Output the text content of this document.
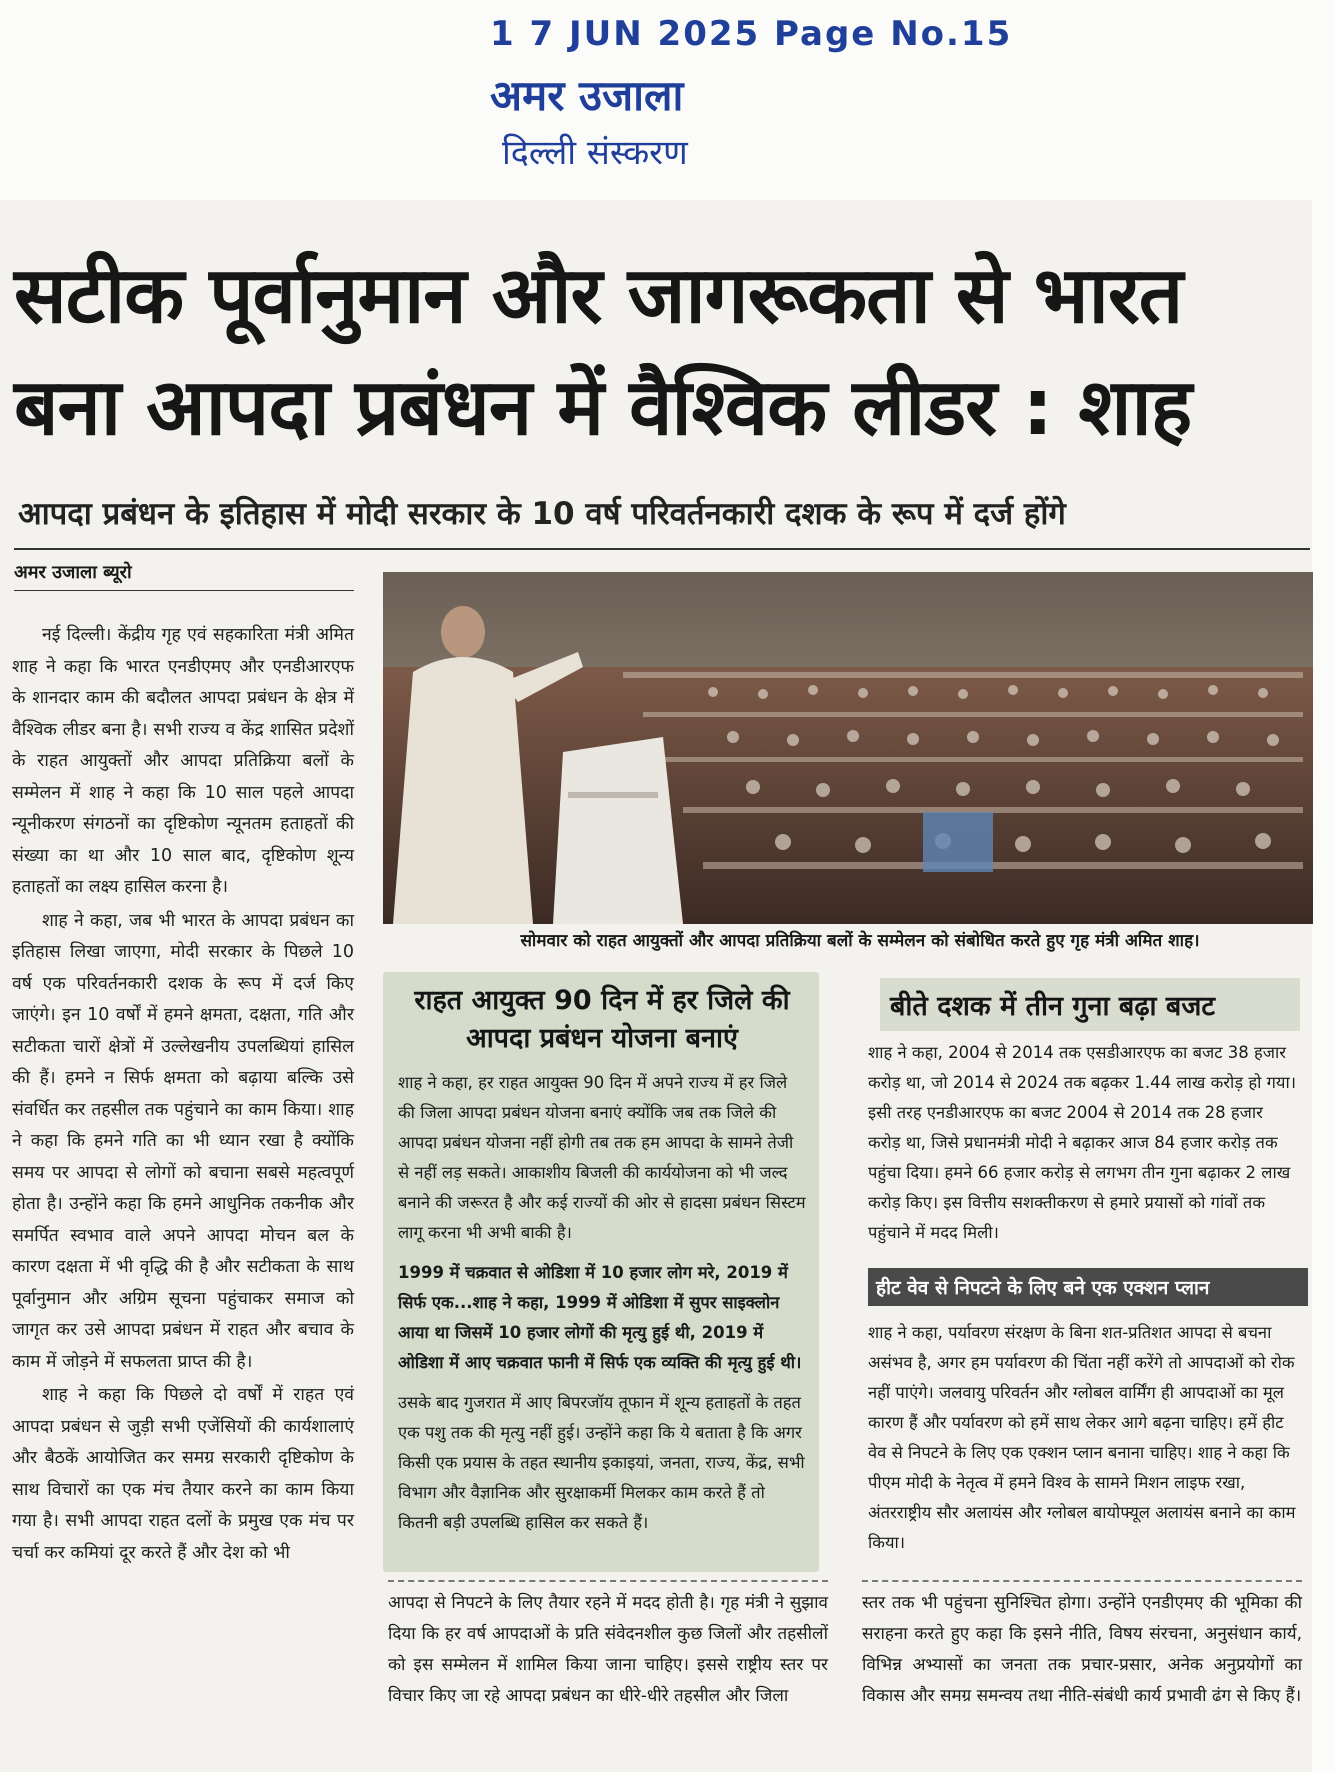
1 7 JUN 2025 Page No.15
अमर उजाला
दिल्ली संस्करण
सटीक पूर्वानुमान और जागरूकता से भारत बना आपदा प्रबंधन में वैश्विक लीडर : शाह
आपदा प्रबंधन के इतिहास में मोदी सरकार के 10 वर्ष परिवर्तनकारी दशक के रूप में दर्ज होंगे
अमर उजाला ब्यूरो

नई दिल्ली। केंद्रीय गृह एवं सहकारिता मंत्री अमित शाह ने कहा कि भारत एनडीएमए और एनडीआरएफ के शानदार काम की बदौलत आपदा प्रबंधन के क्षेत्र में वैश्विक लीडर बना है। सभी राज्य व केंद्र शासित प्रदेशों के राहत आयुक्तों और आपदा प्रतिक्रिया बलों के सम्मेलन में शाह ने कहा कि 10 साल पहले आपदा न्यूनीकरण संगठनों का दृष्टिकोण न्यूनतम हताहतों की संख्या का था और 10 साल बाद, दृष्टिकोण शून्य हताहतों का लक्ष्य हासिल करना है।

शाह ने कहा, जब भी भारत के आपदा प्रबंधन का इतिहास लिखा जाएगा, मोदी सरकार के पिछले 10 वर्ष एक परिवर्तनकारी दशक के रूप में दर्ज किए जाएंगे। इन 10 वर्षों में हमने क्षमता, दक्षता, गति और सटीकता चारों क्षेत्रों में उल्लेखनीय उपलब्धियां हासिल की हैं। हमने न सिर्फ क्षमता को बढ़ाया बल्कि उसे संवर्धित कर तहसील तक पहुंचाने का काम किया। शाह ने कहा कि हमने गति का भी ध्यान रखा है क्योंकि समय पर आपदा से लोगों को बचाना सबसे महत्वपूर्ण होता है। उन्होंने कहा कि हमने आधुनिक तकनीक और समर्पित स्वभाव वाले अपने आपदा मोचन बल के कारण दक्षता में भी वृद्धि की है और सटीकता के साथ पूर्वानुमान और अग्रिम सूचना पहुंचाकर समाज को जागृत कर उसे आपदा प्रबंधन में राहत और बचाव के काम में जोड़ने में सफलता प्राप्त की है।

शाह ने कहा कि पिछले दो वर्षों में राहत एवं आपदा प्रबंधन से जुड़ी सभी एजेंसियों की कार्यशालाएं और बैठकें आयोजित कर समग्र सरकारी दृष्टिकोण के साथ विचारों का एक मंच तैयार करने का काम किया गया है। सभी आपदा राहत दलों के प्रमुख एक मंच पर चर्चा कर कमियां दूर करते हैं और देश को भी

सोमवार को राहत आयुक्तों और आपदा प्रतिक्रिया बलों के सम्मेलन को संबोधित करते हुए गृह मंत्री अमित शाह।
राहत आयुक्त 90 दिन में हर जिले की आपदा प्रबंधन योजना बनाएं

शाह ने कहा, हर राहत आयुक्त 90 दिन में अपने राज्य में हर जिले की जिला आपदा प्रबंधन योजना बनाएं क्योंकि जब तक जिले की आपदा प्रबंधन योजना नहीं होगी तब तक हम आपदा के सामने तेजी से नहीं लड़ सकते। आकाशीय बिजली की कार्ययोजना को भी जल्द बनाने की जरूरत है और कई राज्यों की ओर से हादसा प्रबंधन सिस्टम लागू करना भी अभी बाकी है।

1999 में चक्रवात से ओडिशा में 10 हजार लोग मरे, 2019 में सिर्फ एक...शाह ने कहा, 1999 में ओडिशा में सुपर साइक्लोन आया था जिसमें 10 हजार लोगों की मृत्यु हुई थी, 2019 में ओडिशा में आए चक्रवात फानी में सिर्फ एक व्यक्ति की मृत्यु हुई थी।

उसके बाद गुजरात में आए बिपरजॉय तूफान में शून्य हताहतों के तहत एक पशु तक की मृत्यु नहीं हुई। उन्होंने कहा कि ये बताता है कि अगर किसी एक प्रयास के तहत स्थानीय इकाइयां, जनता, राज्य, केंद्र, सभी विभाग और वैज्ञानिक और सुरक्षाकर्मी मिलकर काम करते हैं तो कितनी बड़ी उपलब्धि हासिल कर सकते हैं।

बीते दशक में तीन गुना बढ़ा बजट
शाह ने कहा, 2004 से 2014 तक एसडीआरएफ का बजट 38 हजार करोड़ था, जो 2014 से 2024 तक बढ़कर 1.44 लाख करोड़ हो गया। इसी तरह एनडीआरएफ का बजट 2004 से 2014 तक 28 हजार करोड़ था, जिसे प्रधानमंत्री मोदी ने बढ़ाकर आज 84 हजार करोड़ तक पहुंचा दिया। हमने 66 हजार करोड़ से लगभग तीन गुना बढ़ाकर 2 लाख करोड़ किए। इस वित्तीय सशक्तीकरण से हमारे प्रयासों को गांवों तक पहुंचाने में मदद मिली।
हीट वेव से निपटने के लिए बने एक एक्शन प्लान
शाह ने कहा, पर्यावरण संरक्षण के बिना शत-प्रतिशत आपदा से बचना असंभव है, अगर हम पर्यावरण की चिंता नहीं करेंगे तो आपदाओं को रोक नहीं पाएंगे। जलवायु परिवर्तन और ग्लोबल वार्मिंग ही आपदाओं का मूल कारण हैं और पर्यावरण को हमें साथ लेकर आगे बढ़ना चाहिए। हमें हीट वेव से निपटने के लिए एक एक्शन प्लान बनाना चाहिए। शाह ने कहा कि पीएम मोदी के नेतृत्व में हमने विश्व के सामने मिशन लाइफ रखा, अंतरराष्ट्रीय सौर अलायंस और ग्लोबल बायोफ्यूल अलायंस बनाने का काम किया।
आपदा से निपटने के लिए तैयार रहने में मदद होती है। गृह मंत्री ने सुझाव दिया कि हर वर्ष आपदाओं के प्रति संवेदनशील कुछ जिलों और तहसीलों को इस सम्मेलन में शामिल किया जाना चाहिए। इससे राष्ट्रीय स्तर पर विचार किए जा रहे आपदा प्रबंधन का धीरे-धीरे तहसील और जिला
स्तर तक भी पहुंचना सुनिश्चित होगा। उन्होंने एनडीएमए की भूमिका की सराहना करते हुए कहा कि इसने नीति, विषय संरचना, अनुसंधान कार्य, विभिन्न अभ्यासों का जनता तक प्रचार-प्रसार, अनेक अनुप्रयोगों का विकास और समग्र समन्वय तथा नीति-संबंधी कार्य प्रभावी ढंग से किए हैं।
